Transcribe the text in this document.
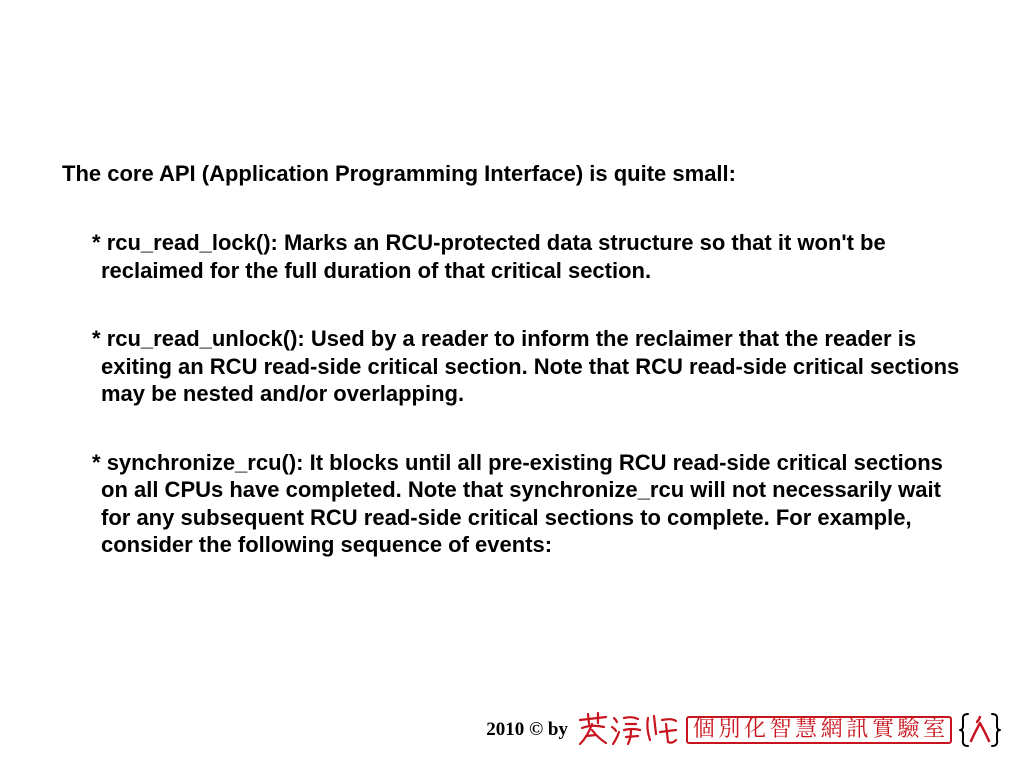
The core API (Application Programming Interface) is quite small:

* rcu_read_lock(): Marks an RCU-protected data structure so that it won't be reclaimed for the full duration of that critical section.
* rcu_read_unlock(): Used by a reader to inform the reclaimer that the reader is exiting an RCU read-side critical section. Note that RCU read-side critical sections may be nested and/or overlapping.
* synchronize_rcu(): It blocks until all pre-existing RCU read-side critical sections on all CPUs have completed. Note that synchronize_rcu will not necessarily wait for any subsequent RCU read-side critical sections to complete. For example, consider the following sequence of events:
2010 © by	個 別 化 智 慧 網 訊 實 驗 室
